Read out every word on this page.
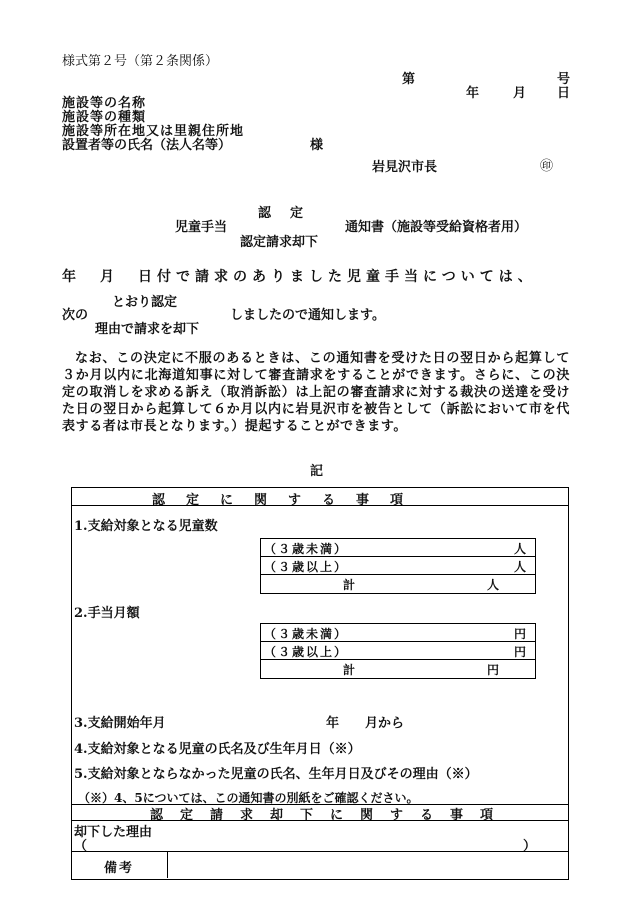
様式第２号（第２条関係）
第	号
年	月 日
施設等の名称
施設等の種類
施設等所在地又は里親住所地
設置者等の氏名（法人名等）	様
岩見沢市長	㊞
認　定
児童手当	通知書（施設等受給資格者用）
認定請求却下
年　月　日付で請求のありました児童手当については、
とおり認定
次の	しましたので通知します。
理由で請求を却下
なお、この決定に不服のあるときは、この通知書を受けた日の翌日から起算して３か月以内に北海道知事に対して審査請求をすることができます。さらに、この決定の取消しを求める訴え（取消訴訟）は上記の審査請求に対する裁決の送達を受けた日の翌日から起算して６か月以内に岩見沢市を被告として（訴訟において市を代表する者は市長となります。）提起することができます。
記
認　定　に　関　す　る　事　項
1.支給対象となる児童数
（３歳未満）	人
（３歳以上）	人
計	人
2.手当月額
（３歳未満）	円
（３歳以上）	円
計	円
3.支給開始年月	年　　月から
4.支給対象となる児童の氏名及び生年月日（※）
5.支給対象とならなかった児童の氏名、生年月日及びその理由（※）
（※）4、5については、この通知書の別紙をご確認ください。
認　定　請　求　却　下　に　関　す　る　事　項
却下した理由
（	）
備考
